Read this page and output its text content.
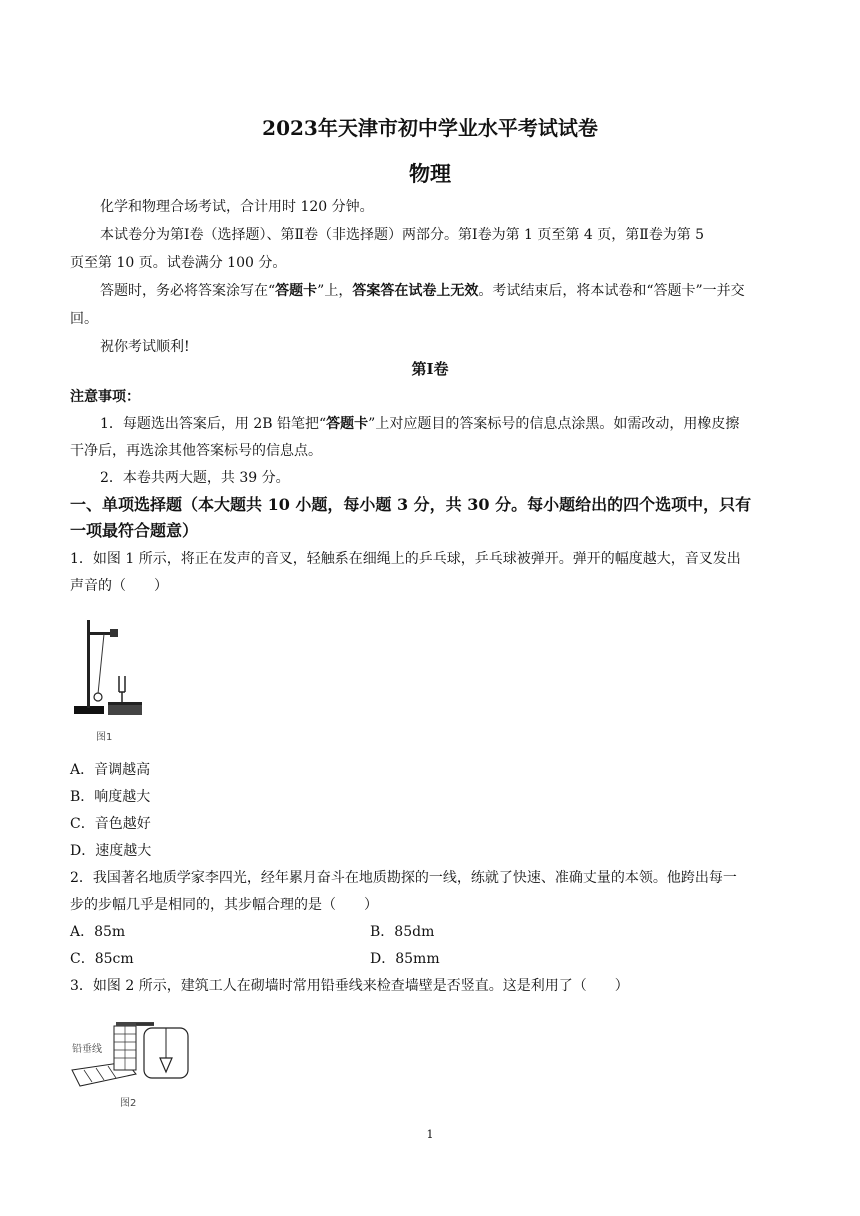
2023年天津市初中学业水平考试试卷
物理
化学和物理合场考试，合计用时 120 分钟。
本试卷分为第Ⅰ卷（选择题）、第Ⅱ卷（非选择题）两部分。第Ⅰ卷为第 1 页至第 4 页，第Ⅱ卷为第 5
页至第 10 页。试卷满分 100 分。
答题时，务必将答案涂写在“答题卡”上，答案答在试卷上无效。考试结束后，将本试卷和“答题卡”一并交
回。
祝你考试顺利!
第Ⅰ卷
注意事项：
1．每题选出答案后，用 2B 铅笔把“答题卡”上对应题目的答案标号的信息点涂黑。如需改动，用橡皮擦
干净后，再选涂其他答案标号的信息点。
2．本卷共两大题，共 39 分。
一、单项选择题（本大题共 10 小题，每小题 3 分，共 30 分。每小题给出的四个选项中，只有
一项最符合题意）
1．如图 1 所示，将正在发声的音叉，轻触系在细绳上的乒乓球，乒乓球被弹开。弹开的幅度越大，音叉发出
声音的（　　）
图1
A．音调越高
B．响度越大
C．音色越好
D．速度越大
2．我国著名地质学家李四光，经年累月奋斗在地质勘探的一线，练就了快速、准确丈量的本领。他跨出每一
步的步幅几乎是相同的，其步幅合理的是（　　）
A．85m	B．85dm
C．85cm	D．85mm
3．如图 2 所示，建筑工人在砌墙时常用铅垂线来检查墙壁是否竖直。这是利用了（　　）
铅垂线
图2
1
